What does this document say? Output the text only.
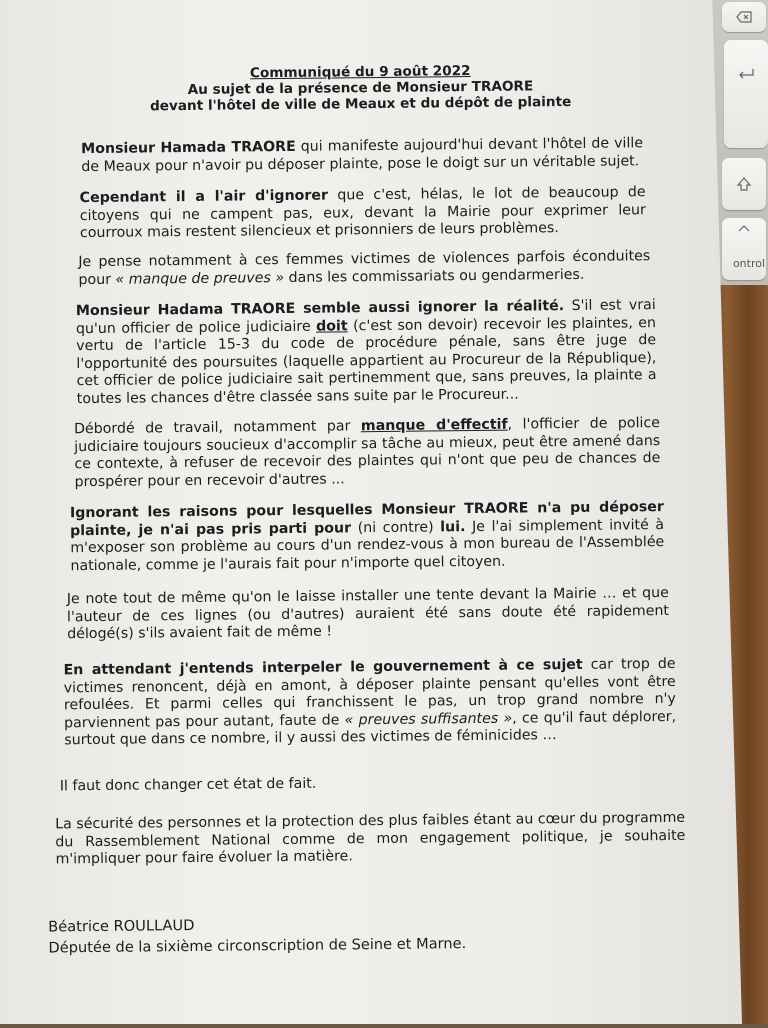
ontrol
Communiqué du 9 août 2022
Au sujet de la présence de Monsieur TRAORE
devant l'hôtel de ville de Meaux et du dépôt de plainte
Monsieur Hamada TRAORE qui manifeste aujourd'hui devant l'hôtel de ville de Meaux pour n'avoir pu déposer plainte, pose le doigt sur un véritable sujet.
Cependant il a l'air d'ignorer que c'est, hélas, le lot de beaucoup de citoyens qui ne campent pas, eux, devant la Mairie pour exprimer leur courroux mais restent silencieux et prisonniers de leurs problèmes.
Je pense notamment à ces femmes victimes de violences parfois éconduites pour « manque de preuves » dans les commissariats ou gendarmeries.
Monsieur Hadama TRAORE semble aussi ignorer la réalité. S'il est vrai qu'un officier de police judiciaire doit (c'est son devoir) recevoir les plaintes, en vertu de l'article 15-3 du code de procédure pénale, sans être juge de l'opportunité des poursuites (laquelle appartient au Procureur de la République), cet officier de police judiciaire sait pertinemment que, sans preuves, la plainte a toutes les chances d'être classée sans suite par le Procureur...
Débordé de travail, notamment par manque d'effectif, l'officier de police judiciaire toujours soucieux d'accomplir sa tâche au mieux, peut être amené dans ce contexte, à refuser de recevoir des plaintes qui n'ont que peu de chances de prospérer pour en recevoir d'autres ...
Ignorant les raisons pour lesquelles Monsieur TRAORE n'a pu déposer plainte, je n'ai pas pris parti pour (ni contre) lui. Je l'ai simplement invité à m'exposer son problème au cours d'un rendez-vous à mon bureau de l'Assemblée nationale, comme je l'aurais fait pour n'importe quel citoyen.
Je note tout de même qu'on le laisse installer une tente devant la Mairie … et que l'auteur de ces lignes (ou d'autres) auraient été sans doute été rapidement délogé(s) s'ils avaient fait de même !
En attendant j'entends interpeler le gouvernement à ce sujet car trop de victimes renoncent, déjà en amont, à déposer plainte pensant qu'elles vont être refoulées. Et parmi celles qui franchissent le pas, un trop grand nombre n'y parviennent pas pour autant, faute de « preuves suffisantes », ce qu'il faut déplorer, surtout que dans ce nombre, il y aussi des victimes de féminicides …
Il faut donc changer cet état de fait.
La sécurité des personnes et la protection des plus faibles étant au cœur du programme du Rassemblement National comme de mon engagement politique, je souhaite m'impliquer pour faire évoluer la matière.
Béatrice ROULLAUD
Députée de la sixième circonscription de Seine et Marne.
